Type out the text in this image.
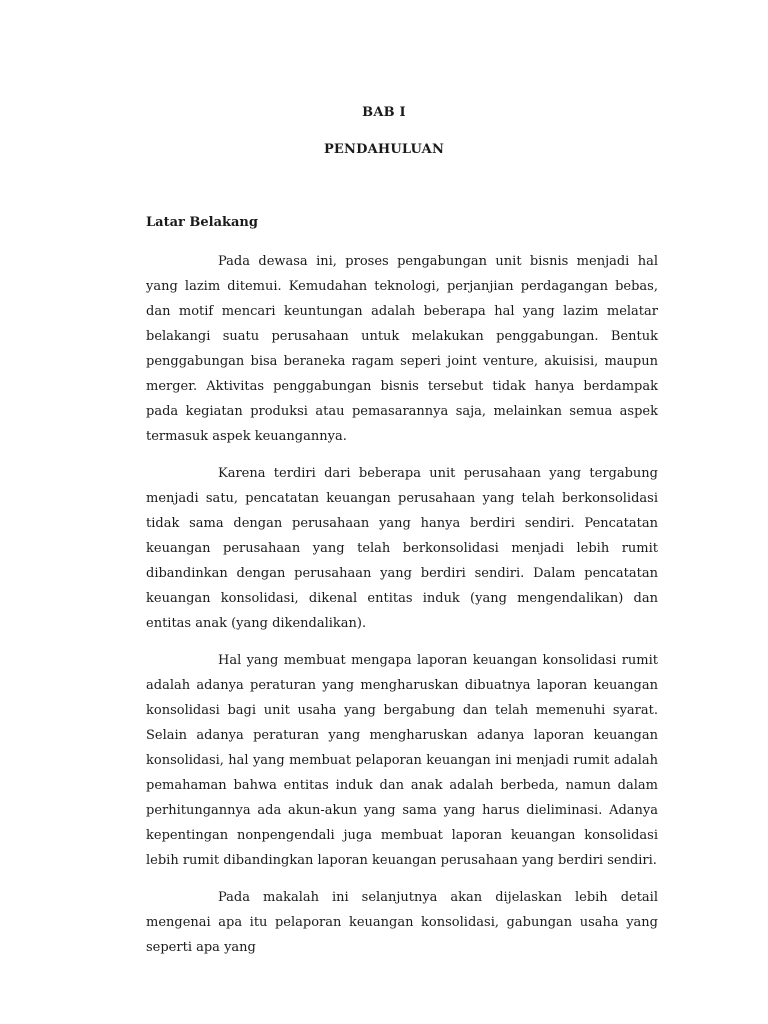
BAB I
PENDAHULUAN
Latar Belakang

Pada dewasa ini, proses pengabungan unit bisnis menjadi hal yang lazim ditemui. Kemudahan teknologi, perjanjian perdagangan bebas, dan motif mencari keuntungan adalah beberapa hal yang lazim melatar belakangi suatu perusahaan untuk melakukan penggabungan. Bentuk penggabungan bisa beraneka ragam seperi joint venture, akuisisi, maupun merger. Aktivitas penggabungan bisnis tersebut tidak hanya berdampak pada kegiatan produksi atau pemasarannya saja, melainkan semua aspek termasuk aspek keuangannya.

Karena terdiri dari beberapa unit perusahaan yang tergabung menjadi satu, pencatatan keuangan perusahaan yang telah berkonsolidasi tidak sama dengan perusahaan yang hanya berdiri sendiri. Pencatatan keuangan perusahaan yang telah berkonsolidasi menjadi lebih rumit dibandinkan dengan perusahaan yang berdiri sendiri. Dalam pencatatan keuangan konsolidasi, dikenal entitas induk (yang mengendalikan) dan entitas anak (yang dikendalikan).

Hal yang membuat mengapa laporan keuangan konsolidasi rumit adalah adanya peraturan yang mengharuskan dibuatnya laporan keuangan konsolidasi bagi unit usaha yang bergabung dan telah memenuhi syarat. Selain adanya peraturan yang mengharuskan adanya laporan keuangan konsolidasi, hal yang membuat pelaporan keuangan ini menjadi rumit adalah pemahaman bahwa entitas induk dan anak adalah berbeda, namun dalam perhitungannya ada akun-akun yang sama yang harus dieliminasi. Adanya kepentingan nonpengendali juga membuat laporan keuangan konsolidasi lebih rumit dibandingkan laporan keuangan perusahaan yang berdiri sendiri.

Pada makalah ini selanjutnya akan dijelaskan lebih detail mengenai apa itu pelaporan keuangan konsolidasi, gabungan usaha yang seperti apa yang
